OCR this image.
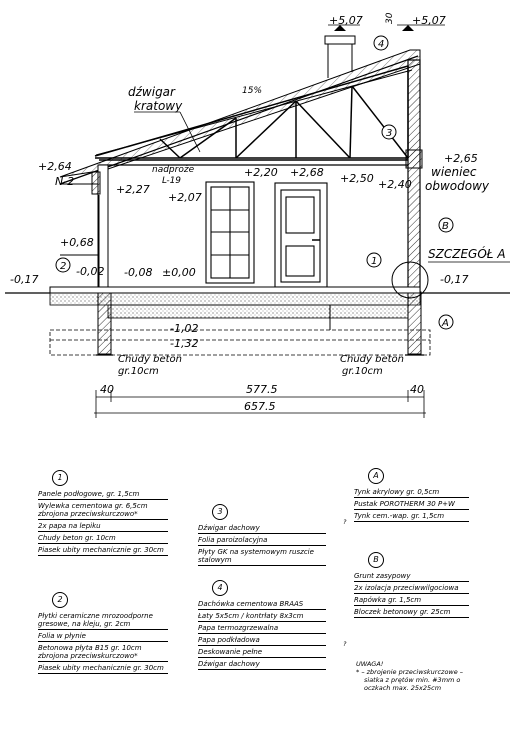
+5,07	+5,07
30
15%
dźwigar
kratowy
wieniec
obwodowy
+2,64
N-2
+2,27
nadproże
L-19
+2,20
+2,07
+2,68 +2,50 +2,40
+2,65
+0,68
-0,17
-0,02 -0,08 ±0,00
-0,17
SZCZEGÓŁ A
-1,02
-1,32
Chudy beton
gr.10cm
Chudy beton
gr.10cm
4
3
1
2
B
A
40	577.5	40
657.5
1
Panele podłogowe, gr. 1,5cm
Wylewka cementowa gr. 6,5cm
zbrojona przeciwskurczowo*
2x papa na lepiku
Chudy beton gr. 10cm
Piasek ubity mechanicznie gr. 30cm
2
Płytki ceramiczne mrozoodporne
gresowe, na kleju, gr. 2cm
Folia w płynie
Betonowa płyta B15 gr. 10cm
zbrojona przeciwskurczowo*
Piasek ubity mechanicznie gr. 30cm
3
Dźwigar dachowy
Folia paroizolacyjna
Płyty GK na systemowym ruszcie
stalowym
4
Dachówka cementowa BRAAS
Łaty 5x5cm / kontrłaty 8x3cm
Papa termozgrzewalna
Papa podkładowa
Deskowanie pełne
Dźwigar dachowy
A
Tynk akrylowy gr. 0,5cm
Pustak POROTHERM 30 P+W
Tynk cem.-wap. gr. 1,5cm
B
Grunt zasypowy
2x izolacja przeciwwilgociowa
Rapówka gr. 1,5cm
Bloczek betonowy gr. 25cm
?
?
UWAGA!
* – zbrojenie przeciwskurczowe –
siatka z prętów min. #3mm o
oczkach max. 25x25cm
